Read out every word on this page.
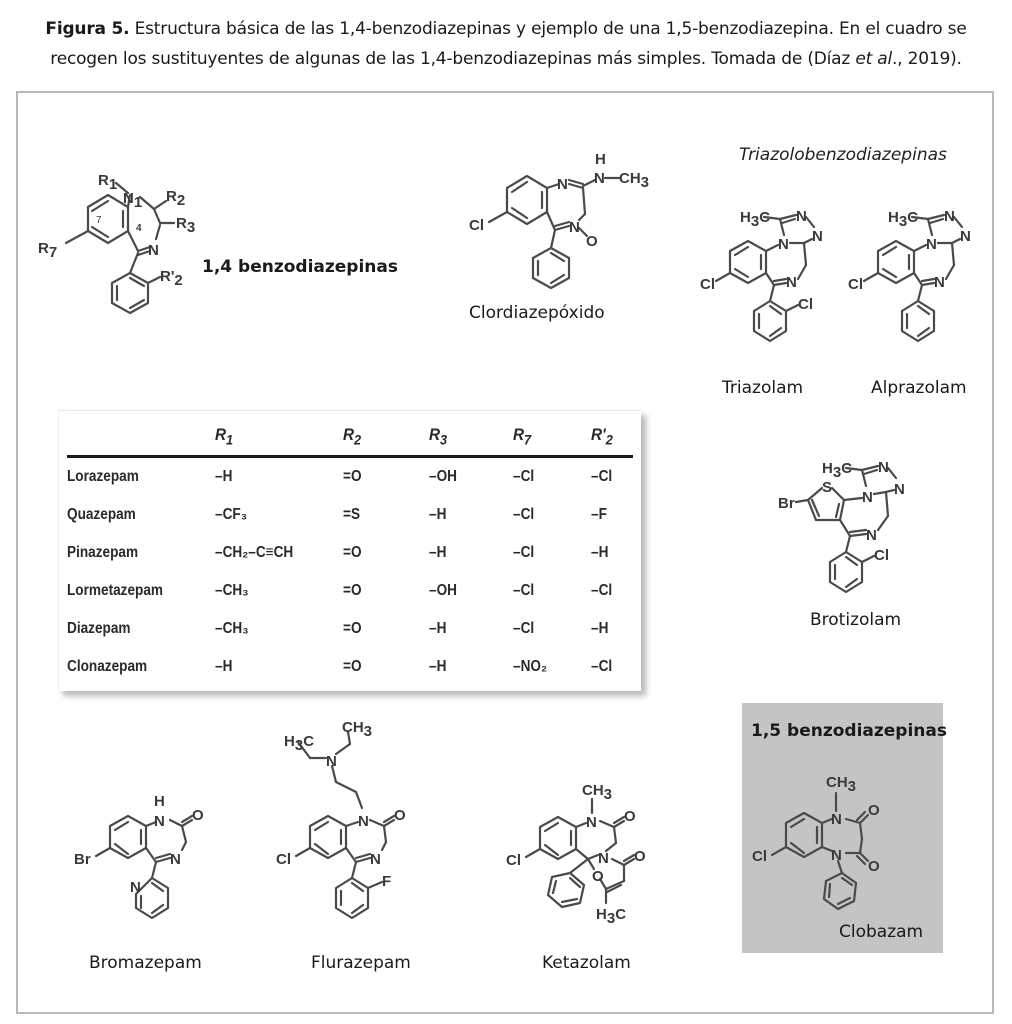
Figura 5. Estructura básica de las 1,4-benzodiazepinas y ejemplo de una 1,5-benzodiazepina. En el cuadro se
recogen los sustituyentes de algunas de las 1,4-benzodiazepinas más simples. Tomada de (Díaz et al., 2019).
R1
N1 R2
R3
4
N
7
R7
R'2
1,4 benzodiazepinas
N
H
N CH3
N
O
Cl
Clordiazepóxido
Triazolobenzodiazepinas
H3C N
N
N
N
Cl
Cl
Triazolam
H3C N
N
N
N
Cl
Alprazolam
	$R_1$	$R_2$	$R_3$	$R_7$	$R'_2$
Lorazepam	–H	=O	–OH	–Cl	–Cl
Quazepam	–CF₃	=S	–H	–Cl	–F
Pinazepam	–CH₂–C≡CH	=O	–H	–Cl	–H
Lormetazepam	–CH₃	=O	–OH	–Cl	–Cl
Diazepam	–CH₃	=O	–H	–Cl	–H
Clonazepam	–H	=O	–H	–NO₂	–Cl
H3C N
N
N
N
S
Br
Cl
Brotizolam
H
N O
N
Br
N
Bromazepam
H3C
CH3
N
N O
N
Cl
F
Flurazepam
CH3
N O
N O
O
H3C
Cl
Ketazolam
1,5 benzodiazepinas
CH3
N
O
N
O
Cl
Clobazam
